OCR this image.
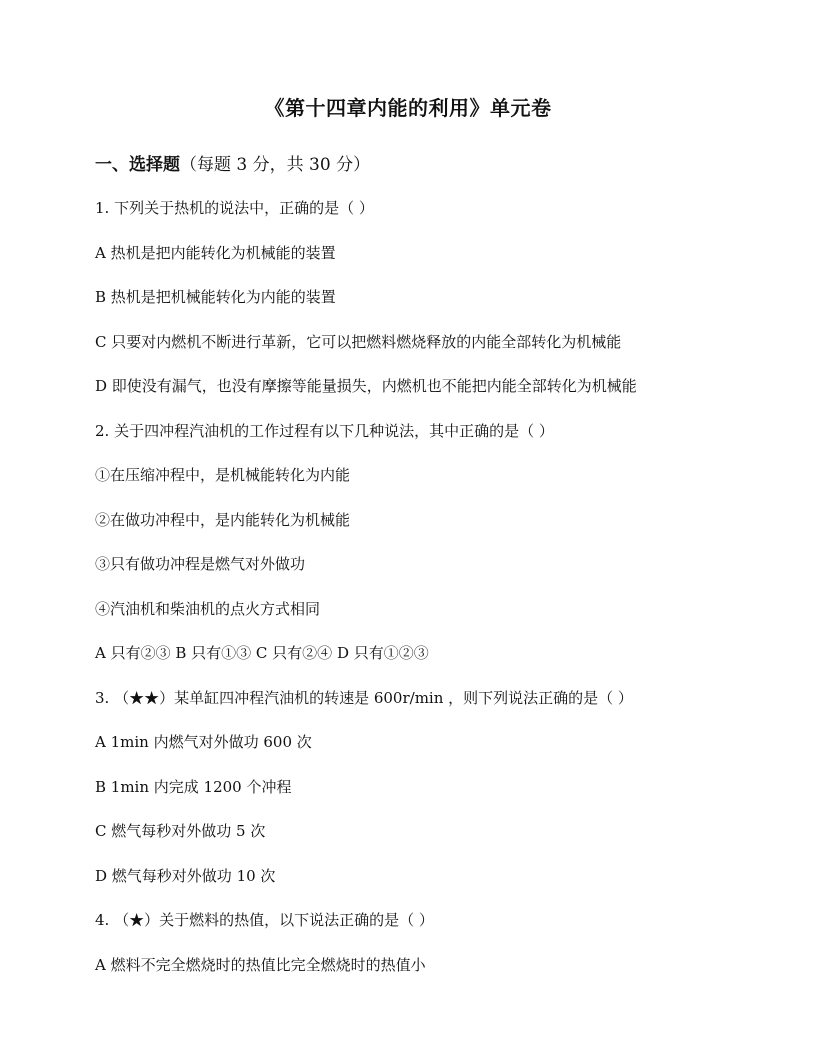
《第十四章内能的利用》单元卷
一、选择题（每题 3 分，共 30 分）
1. 下列关于热机的说法中，正确的是（ ）
A 热机是把内能转化为机械能的装置
B 热机是把机械能转化为内能的装置
C 只要对内燃机不断进行革新，它可以把燃料燃烧释放的内能全部转化为机械能
D 即使没有漏气，也没有摩擦等能量损失，内燃机也不能把内能全部转化为机械能
2. 关于四冲程汽油机的工作过程有以下几种说法，其中正确的是（ ）
①在压缩冲程中，是机械能转化为内能
②在做功冲程中，是内能转化为机械能
③只有做功冲程是燃气对外做功
④汽油机和柴油机的点火方式相同
A 只有②③ B 只有①③ C 只有②④ D 只有①②③
3. （★★）某单缸四冲程汽油机的转速是 600r/min ，则下列说法正确的是（ ）
A 1min 内燃气对外做功 600 次
B 1min 内完成 1200 个冲程
C 燃气每秒对外做功 5 次
D 燃气每秒对外做功 10 次
4. （★）关于燃料的热值，以下说法正确的是（ ）
A 燃料不完全燃烧时的热值比完全燃烧时的热值小
